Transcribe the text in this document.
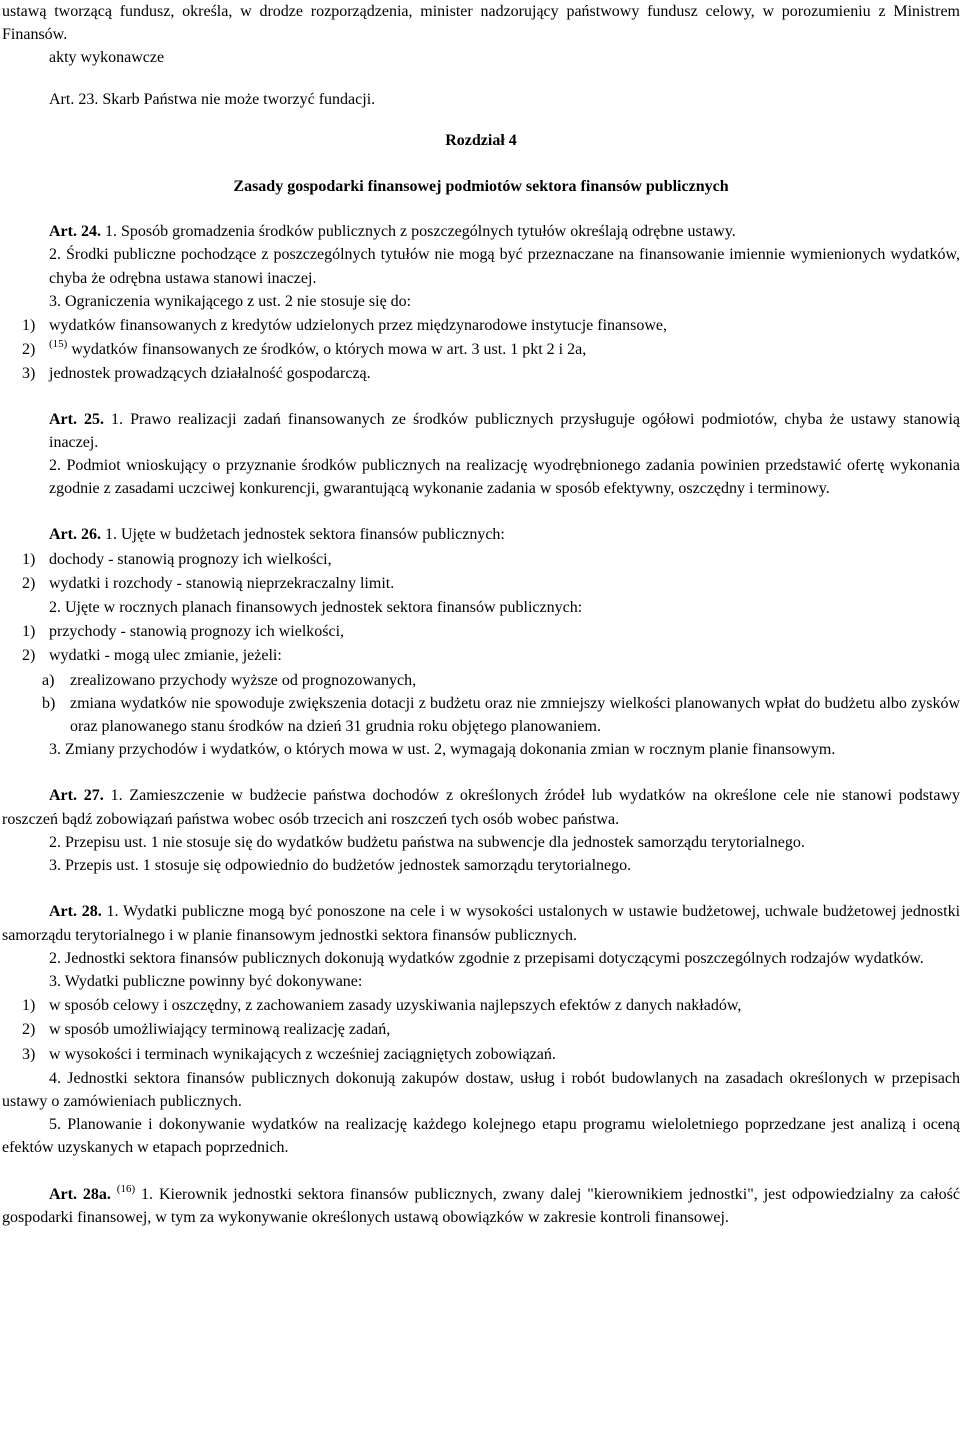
ustawą tworzącą fundusz, określa, w drodze rozporządzenia, minister nadzorujący państwowy fundusz celowy, w porozumieniu z Ministrem Finansów.

akty wykonawcze

Art. 23. Skarb Państwa nie może tworzyć fundacji.

Rozdział 4

Zasady gospodarki finansowej podmiotów sektora finansów publicznych

Art. 24. 1. Sposób gromadzenia środków publicznych z poszczególnych tytułów określają odrębne ustawy.

2. Środki publiczne pochodzące z poszczególnych tytułów nie mogą być przeznaczane na finansowanie imiennie wymienionych wydatków, chyba że odrębna ustawa stanowi inaczej.

3. Ograniczenia wynikającego z ust. 2 nie stosuje się do:

1) wydatków finansowanych z kredytów udzielonych przez międzynarodowe instytucje finansowe,
2) $^{(15)}$ wydatków finansowanych ze środków, o których mowa w art. 3 ust. 1 pkt 2 i 2a,
3) jednostek prowadzących działalność gospodarczą.

Art. 25. 1. Prawo realizacji zadań finansowanych ze środków publicznych przysługuje ogółowi podmiotów, chyba że ustawy stanowią inaczej.

2. Podmiot wnioskujący o przyznanie środków publicznych na realizację wyodrębnionego zadania powinien przedstawić ofertę wykonania zgodnie z zasadami uczciwej konkurencji, gwarantującą wykonanie zadania w sposób efektywny, oszczędny i terminowy.

Art. 26. 1. Ujęte w budżetach jednostek sektora finansów publicznych:

1) dochody - stanowią prognozy ich wielkości,
2) wydatki i rozchody - stanowią nieprzekraczalny limit.

2. Ujęte w rocznych planach finansowych jednostek sektora finansów publicznych:

1) przychody - stanowią prognozy ich wielkości,
2) wydatki - mogą ulec zmianie, jeżeli:
a) zrealizowano przychody wyższe od prognozowanych,
b) zmiana wydatków nie spowoduje zwiększenia dotacji z budżetu oraz nie zmniejszy wielkości planowanych wpłat do budżetu albo zysków oraz planowanego stanu środków na dzień 31 grudnia roku objętego planowaniem.

3. Zmiany przychodów i wydatków, o których mowa w ust. 2, wymagają dokonania zmian w rocznym planie finansowym.

Art. 27. 1. Zamieszczenie w budżecie państwa dochodów z określonych źródeł lub wydatków na określone cele nie stanowi podstawy roszczeń bądź zobowiązań państwa wobec osób trzecich ani roszczeń tych osób wobec państwa.

2. Przepisu ust. 1 nie stosuje się do wydatków budżetu państwa na subwencje dla jednostek samorządu terytorialnego.

3. Przepis ust. 1 stosuje się odpowiednio do budżetów jednostek samorządu terytorialnego.

Art. 28. 1. Wydatki publiczne mogą być ponoszone na cele i w wysokości ustalonych w ustawie budżetowej, uchwale budżetowej jednostki samorządu terytorialnego i w planie finansowym jednostki sektora finansów publicznych.

2. Jednostki sektora finansów publicznych dokonują wydatków zgodnie z przepisami dotyczącymi poszczególnych rodzajów wydatków.

3. Wydatki publiczne powinny być dokonywane:

1) w sposób celowy i oszczędny, z zachowaniem zasady uzyskiwania najlepszych efektów z danych nakładów,
2) w sposób umożliwiający terminową realizację zadań,
3) w wysokości i terminach wynikających z wcześniej zaciągniętych zobowiązań.

4. Jednostki sektora finansów publicznych dokonują zakupów dostaw, usług i robót budowlanych na zasadach określonych w przepisach ustawy o zamówieniach publicznych.

5. Planowanie i dokonywanie wydatków na realizację każdego kolejnego etapu programu wieloletniego poprzedzane jest analizą i oceną efektów uzyskanych w etapach poprzednich.

Art. 28a. $^{(16)}$ 1. Kierownik jednostki sektora finansów publicznych, zwany dalej "kierownikiem jednostki", jest odpowiedzialny za całość gospodarki finansowej, w tym za wykonywanie określonych ustawą obowiązków w zakresie kontroli finansowej.
